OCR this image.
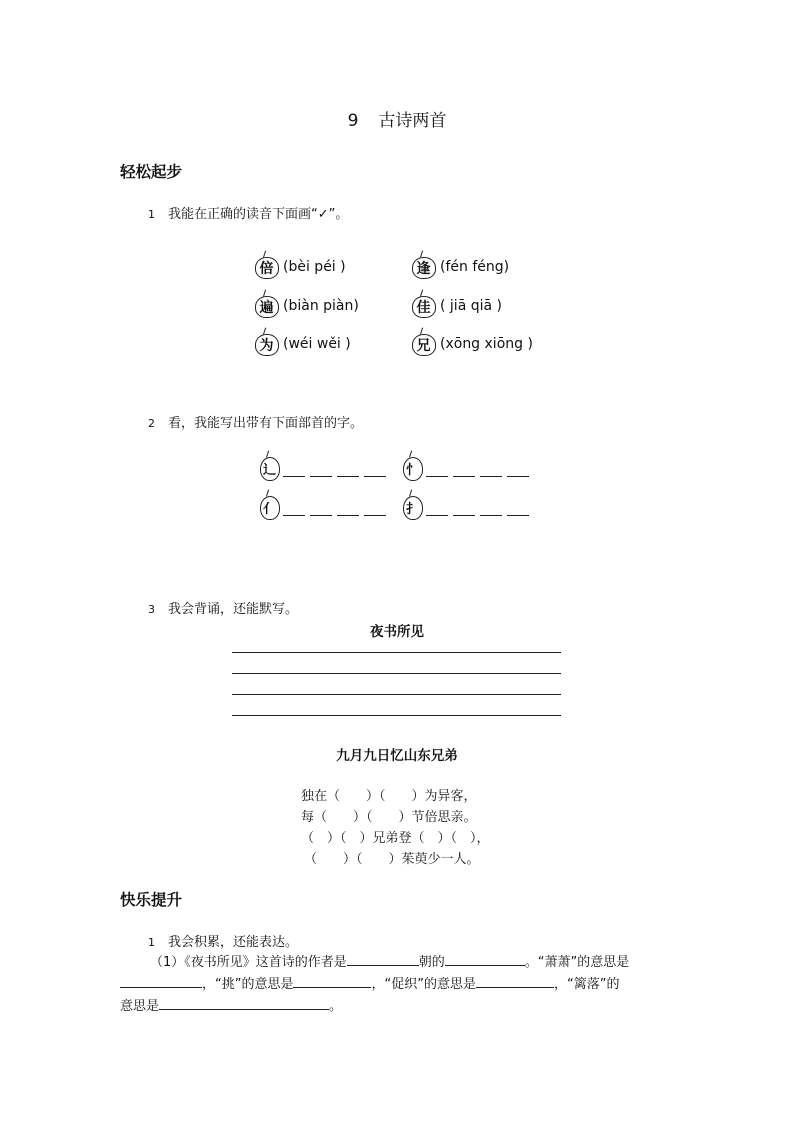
9 古诗两首
轻松起步
1 我能在正确的读音下面画“✓”。
倍 (bèi péi )	逢 (fén féng)
遍 (biàn piàn)	佳 ( jiā qiā )
为 (wéi wěi )	兄 (xōng xiōng )
2 看，我能写出带有下面部首的字。
辶	忄
亻	扌
3 我会背诵，还能默写。
夜书所见
九月九日忆山东兄弟
独在（　　）（　　）为异客，
每（　　）（　　）节倍思亲。
（　）（　）兄弟登（　）（　），
（　　）（　　）茱萸少一人。
快乐提升
1 我会积累，还能表达。
（1）《夜书所见》这首诗的作者是	朝的	。“萧萧”的意思是
，“挑”的意思是	，“促织”的意思是	，“篱落”的
意思是	。
